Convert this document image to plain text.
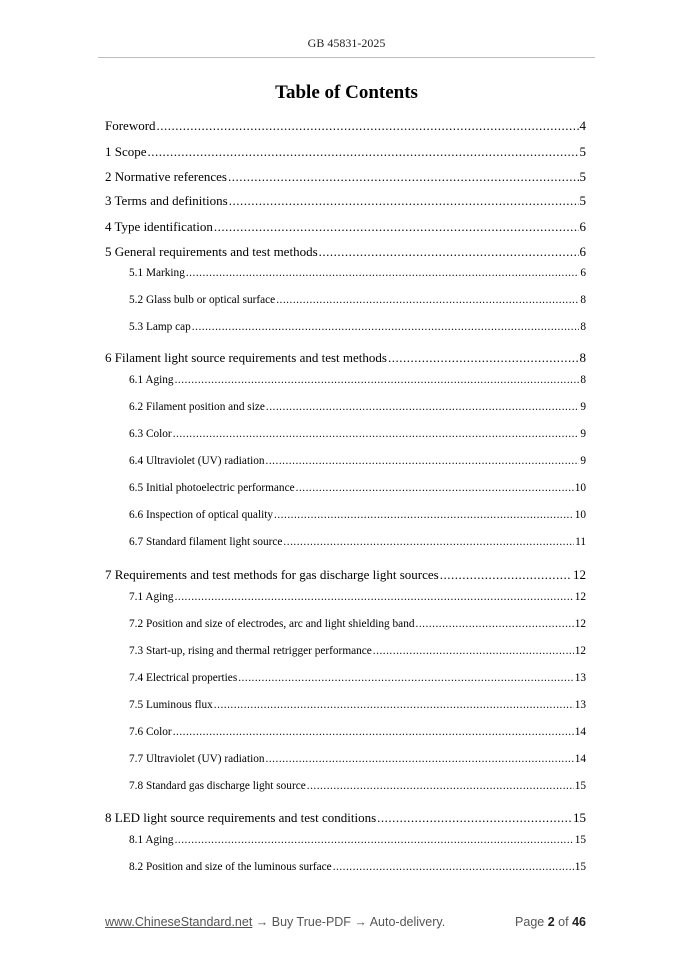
GB 45831-2025
Table of Contents
Foreword .....	4
1 Scope .....	5
2 Normative references .....	5
3 Terms and definitions .....	5
4 Type identification .....	6
5 General requirements and test methods .....	6
5.1 Marking .....	6
5.2 Glass bulb or optical surface .....	8
5.3 Lamp cap .....	8
6 Filament light source requirements and test methods .....	8
6.1 Aging .....	8
6.2 Filament position and size .....	9
6.3 Color .....	9
6.4 Ultraviolet (UV) radiation .....	9
6.5 Initial photoelectric performance .....	10
6.6 Inspection of optical quality .....	10
6.7 Standard filament light source .....	11
7 Requirements and test methods for gas discharge light sources .....	12
7.1 Aging .....	12
7.2 Position and size of electrodes, arc and light shielding band .....	12
7.3 Start-up, rising and thermal retrigger performance .....	12
7.4 Electrical properties .....	13
7.5 Luminous flux .....	13
7.6 Color .....	14
7.7 Ultraviolet (UV) radiation .....	14
7.8 Standard gas discharge light source .....	15
8 LED light source requirements and test conditions .....	15
8.1 Aging .....	15
8.2 Position and size of the luminous surface .....	15
www.ChineseStandard.net → Buy True-PDF → Auto-delivery.	Page 2 of 46
